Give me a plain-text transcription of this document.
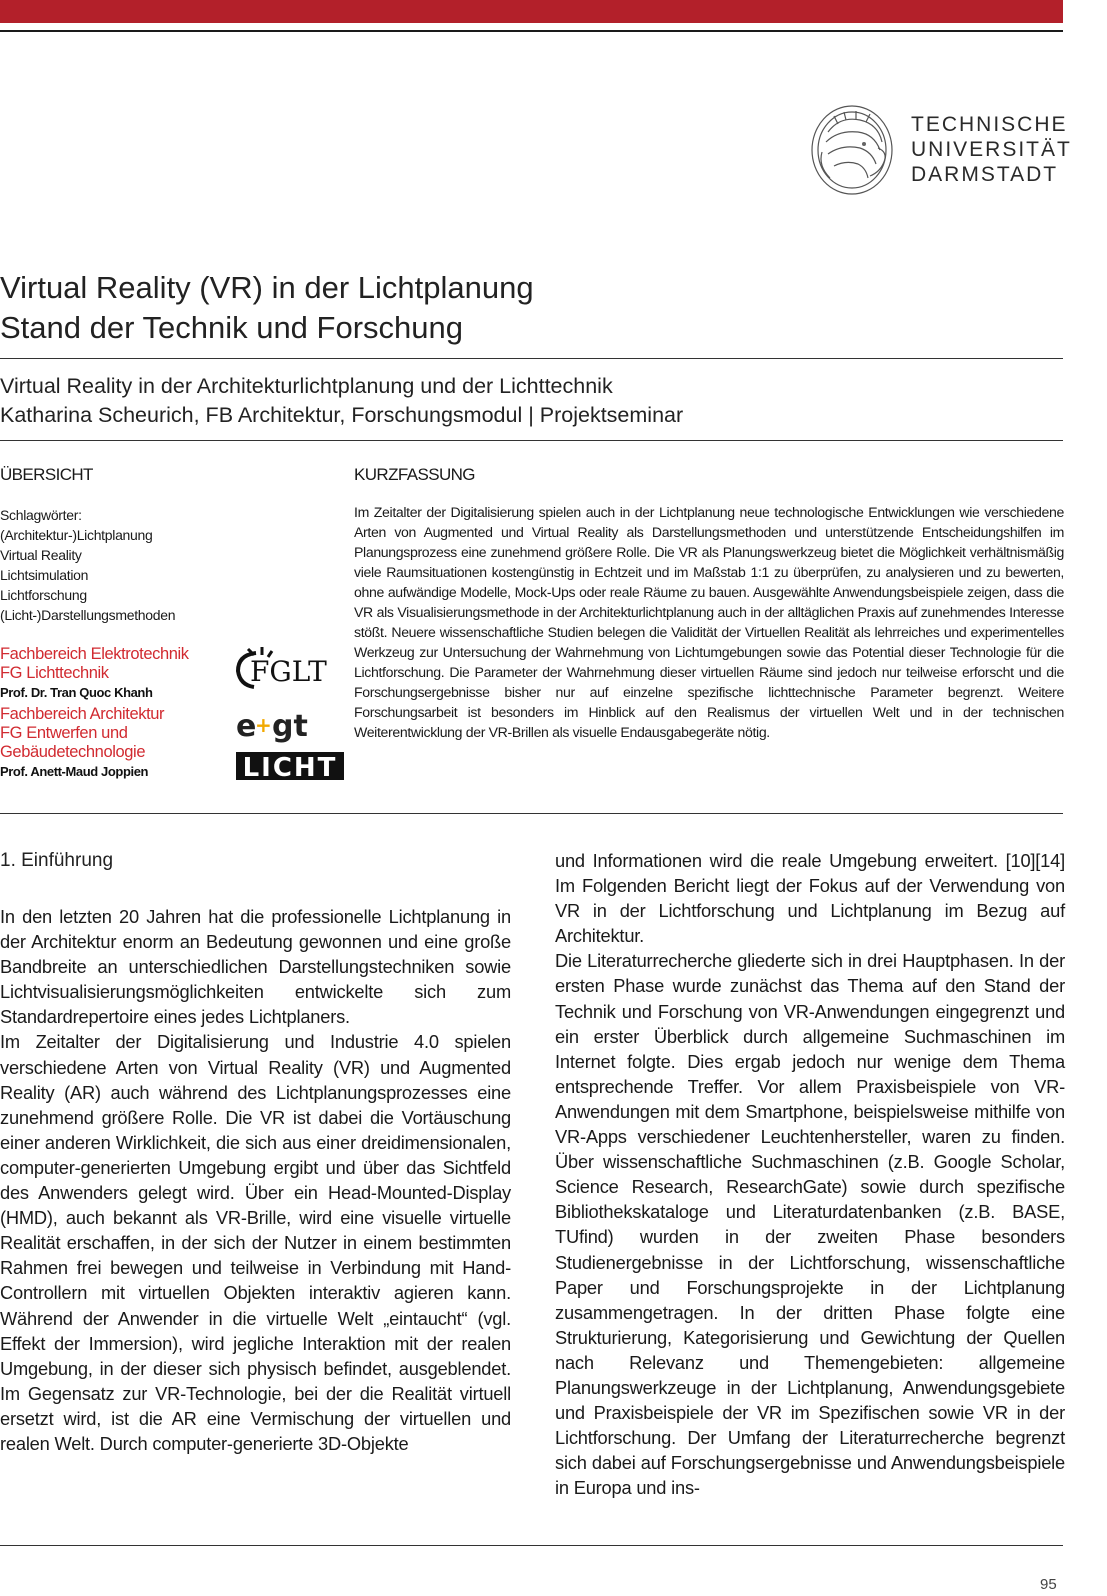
TECHNISCHE
UNIVERSITÄT
DARMSTADT
Virtual Reality (VR) in der Lichtplanung
Stand der Technik und Forschung
Virtual Reality in der Architekturlichtplanung und der Lichttechnik
Katharina Scheurich, FB Architektur, Forschungsmodul | Projektseminar
ÜBERSICHT
Schlagwörter:
(Architektur-)Lichtplanung
Virtual Reality
Lichtsimulation
Lichtforschung
(Licht-)Darstellungsmethoden
Fachbereich Elektrotechnik
FG Lichttechnik
Prof. Dr. Tran Quoc Khanh
Fachbereich Architektur
FG Entwerfen und
Gebäudetechnologie
Prof. Anett-Maud Joppien
FGLT
e
+ gt
LICHT
KURZFASSUNG
Im Zeitalter der Digitalisierung spielen auch in der Lichtplanung neue technologische Entwicklungen wie verschiedene Arten von Augmented und Virtual Reality als Darstellungsmethoden und unterstützende Entscheidungshilfen im Planungsprozess eine zunehmend größere Rolle. Die VR als Planungswerkzeug bietet die Möglichkeit verhältnismäßig viele Raumsituationen kostengünstig in Echtzeit und im Maßstab 1:1 zu überprüfen, zu analysieren und zu bewerten, ohne aufwändige Modelle, Mock-Ups oder reale Räume zu bauen. Ausgewählte Anwendungsbeispiele zeigen, dass die VR als Visualisierungsmethode in der Architekturlichtplanung auch in der alltäglichen Praxis auf zunehmendes Interesse stößt. Neuere wissenschaftliche Studien belegen die Validität der Virtuellen Realität als lehrreiches und experimentelles Werkzeug zur Untersuchung der Wahrnehmung von Lichtumgebungen sowie das Potential dieser Technologie für die Lichtforschung. Die Parameter der Wahrnehmung dieser virtuellen Räume sind jedoch nur teilweise erforscht und die Forschungsergebnisse bisher nur auf einzelne spezifische lichttechnische Parameter begrenzt. Weitere Forschungsarbeit ist besonders im Hinblick auf den Realismus der virtuellen Welt und in der technischen Weiterentwicklung der VR-Brillen als visuelle Endausgabegeräte nötig.
1. Einführung

In den letzten 20 Jahren hat die professionelle Lichtplanung in der Architektur enorm an Bedeutung gewonnen und eine große Bandbreite an unterschiedlichen Darstellungstechniken sowie Lichtvisualisierungsmöglichkeiten entwickelte sich zum Standardrepertoire eines jedes Lichtplaners.

Im Zeitalter der Digitalisierung und Industrie 4.0 spielen verschiedene Arten von Virtual Reality (VR) und Augmented Reality (AR) auch während des Lichtplanungsprozesses eine zunehmend größere Rolle. Die VR ist dabei die Vortäuschung einer anderen Wirklichkeit, die sich aus einer dreidimensionalen, computer-generierten Umgebung ergibt und über das Sichtfeld des Anwenders gelegt wird. Über ein Head-Mounted-Display (HMD), auch bekannt als VR-Brille, wird eine visuelle virtuelle Realität erschaffen, in der sich der Nutzer in einem bestimmten Rahmen frei bewegen und teilweise in Verbindung mit Hand-Controllern mit virtuellen Objekten interaktiv agieren kann. Während der Anwender in die virtuelle Welt „eintaucht“ (vgl. Effekt der Immersion), wird jegliche Interaktion mit der realen Umgebung, in der dieser sich physisch befindet, ausgeblendet. Im Gegensatz zur VR-Technologie, bei der die Realität virtuell ersetzt wird, ist die AR eine Vermischung der virtuellen und realen Welt. Durch computer-generierte 3D-Objekte

und Informationen wird die reale Umgebung erweitert. [10][14] Im Folgenden Bericht liegt der Fokus auf der Verwendung von VR in der Lichtforschung und Lichtplanung im Bezug auf Architektur.

Die Literaturrecherche gliederte sich in drei Hauptphasen. In der ersten Phase wurde zunächst das Thema auf den Stand der Technik und Forschung von VR-Anwendungen eingegrenzt und ein erster Überblick durch allgemeine Suchmaschinen im Internet folgte. Dies ergab jedoch nur wenige dem Thema entsprechende Treffer. Vor allem Praxisbeispiele von VR-Anwendungen mit dem Smartphone, beispielsweise mithilfe von VR-Apps verschiedener Leuchtenhersteller, waren zu finden. Über wissenschaftliche Suchmaschinen (z.B. Google Scholar, Science Research, ResearchGate) sowie durch spezifische Bibliothekskataloge und Literaturdatenbanken (z.B. BASE, TUfind) wurden in der zweiten Phase besonders Studienergebnisse in der Lichtforschung, wissenschaftliche Paper und Forschungsprojekte in der Lichtplanung zusammengetragen. In der dritten Phase folgte eine Strukturierung, Kategorisierung und Gewichtung der Quellen nach Relevanz und Themengebieten: allgemeine Planungswerkzeuge in der Lichtplanung, Anwendungsgebiete und Praxisbeispiele der VR im Spezifischen sowie VR in der Lichtforschung. Der Umfang der Literaturrecherche begrenzt sich dabei auf Forschungsergebnisse und Anwendungsbeispiele in Europa und ins-

95
